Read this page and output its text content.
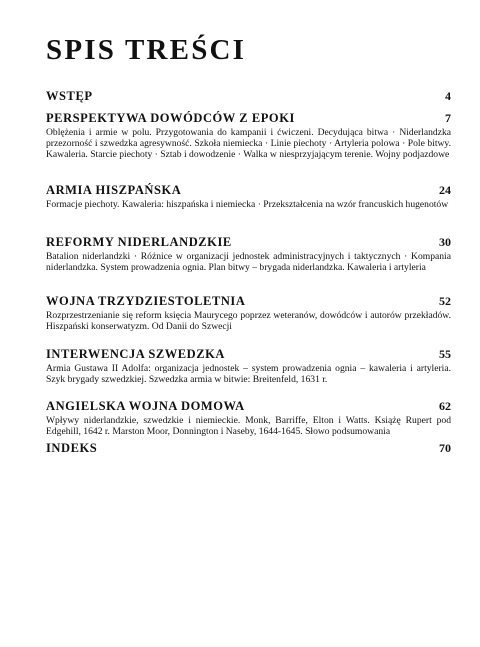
SPIS TREŚCI
WSTĘP	4
PERSPEKTYWA DOWÓDCÓW Z EPOKI	7

Oblężenia i armie w polu. Przygotowania do kampanii i ćwiczeni. Decydująca bitwa · Niderlandzka przezorność i szwedzka agresywność. Szkoła niemiecka · Linie piechoty · Artyleria polowa · Pole bitwy. Kawaleria. Starcie piechoty · Sztab i dowodzenie · Walka w niesprzyjającym terenie. Wojny podjazdowe

ARMIA HISZPAŃSKA	24

Formacje piechoty. Kawaleria: hiszpańska i niemiecka · Przekształcenia na wzór francuskich hugenotów

REFORMY NIDERLANDZKIE	30

Batalion niderlandzki · Różnice w organizacji jednostek administracyjnych i taktycznych · Kompania niderlandzka. System prowadzenia ognia. Plan bitwy – brygada niderlandzka. Kawaleria i artyleria

WOJNA TRZYDZIESTOLETNIA	52

Rozprzestrzenianie się reform księcia Maurycego poprzez weteranów, dowódców i autorów przekładów. Hiszpański konserwatyzm. Od Danii do Szwecji

INTERWENCJA SZWEDZKA	55

Armia Gustawa II Adolfa: organizacja jednostek – system prowadzenia ognia – kawaleria i artyleria. Szyk brygady szwedzkiej. Szwedzka armia w bitwie: Breitenfeld, 1631 r.

ANGIELSKA WOJNA DOMOWA	62

Wpływy niderlandzkie, szwedzkie i niemieckie. Monk, Barriffe, Elton i Watts. Książę Rupert pod Edgehill, 1642 r. Marston Moor, Donnington i Naseby, 1644-1645. Słowo podsumowania

INDEKS	70
